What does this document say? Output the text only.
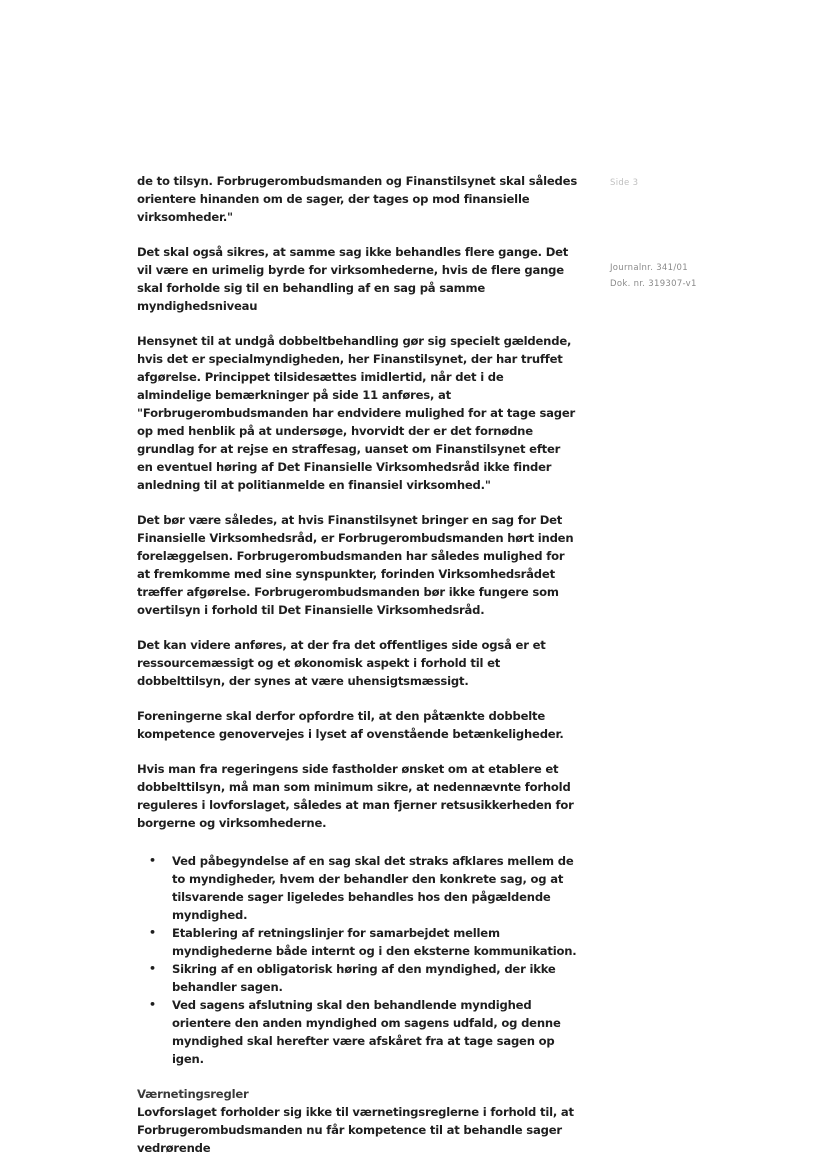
Side 3
Journalnr. 341/01
Dok. nr. 319307-v1

de to tilsyn. Forbrugerombudsmanden og Finanstilsynet skal således orientere hinanden om de sager, der tages op mod finansielle virksomheder."

Det skal også sikres, at samme sag ikke behandles flere gange. Det vil være en urimelig byrde for virksomhederne, hvis de flere gange skal forholde sig til en behandling af en sag på samme myndighedsniveau

Hensynet til at undgå dobbeltbehandling gør sig specielt gældende, hvis det er specialmyndigheden, her Finanstilsynet, der har truffet afgørelse. Princippet tilsidesættes imidlertid, når det i de almindelige bemærkninger på side 11 anføres, at "Forbrugerombudsmanden har endvidere mulighed for at tage sager op med henblik på at undersøge, hvorvidt der er det fornødne grundlag for at rejse en straffesag, uanset om Finanstilsynet efter en eventuel høring af Det Finansielle Virksomhedsråd ikke finder anledning til at politianmelde en finansiel virksomhed."

Det bør være således, at hvis Finanstilsynet bringer en sag for Det Finansielle Virksomhedsråd, er Forbrugerombudsmanden hørt inden forelæggelsen. Forbrugerombudsmanden har således mulighed for at fremkomme med sine synspunkter, forinden Virksomhedsrådet træffer afgørelse. Forbrugerombudsmanden bør ikke fungere som overtilsyn i forhold til Det Finansielle Virksomhedsråd.

Det kan videre anføres, at der fra det offentliges side også er et ressourcemæssigt og et økonomisk aspekt i forhold til et dobbelttilsyn, der synes at være uhensigtsmæssigt.

Foreningerne skal derfor opfordre til, at den påtænkte dobbelte kompetence genovervejes i lyset af ovenstående betænkeligheder.

Hvis man fra regeringens side fastholder ønsket om at etablere et dobbelttilsyn, må man som minimum sikre, at nedennævnte forhold reguleres i lovforslaget, således at man fjerner retsusikkerheden for borgerne og virksomhederne.

• Ved påbegyndelse af en sag skal det straks afklares mellem de to myndigheder, hvem der behandler den konkrete sag, og at tilsvarende sager ligeledes behandles hos den pågældende myndighed.
• Etablering af retningslinjer for samarbejdet mellem myndighederne både internt og i den eksterne kommunikation.
• Sikring af en obligatorisk høring af den myndighed, der ikke behandler sagen.
• Ved sagens afslutning skal den behandlende myndighed orientere den anden myndighed om sagens udfald, og denne myndighed skal herefter være afskåret fra at tage sagen op igen.
Værnetingsregler

Lovforslaget forholder sig ikke til værnetingsreglerne i forhold til, at Forbrugerombudsmanden nu får kompetence til at behandle sager vedrørende
